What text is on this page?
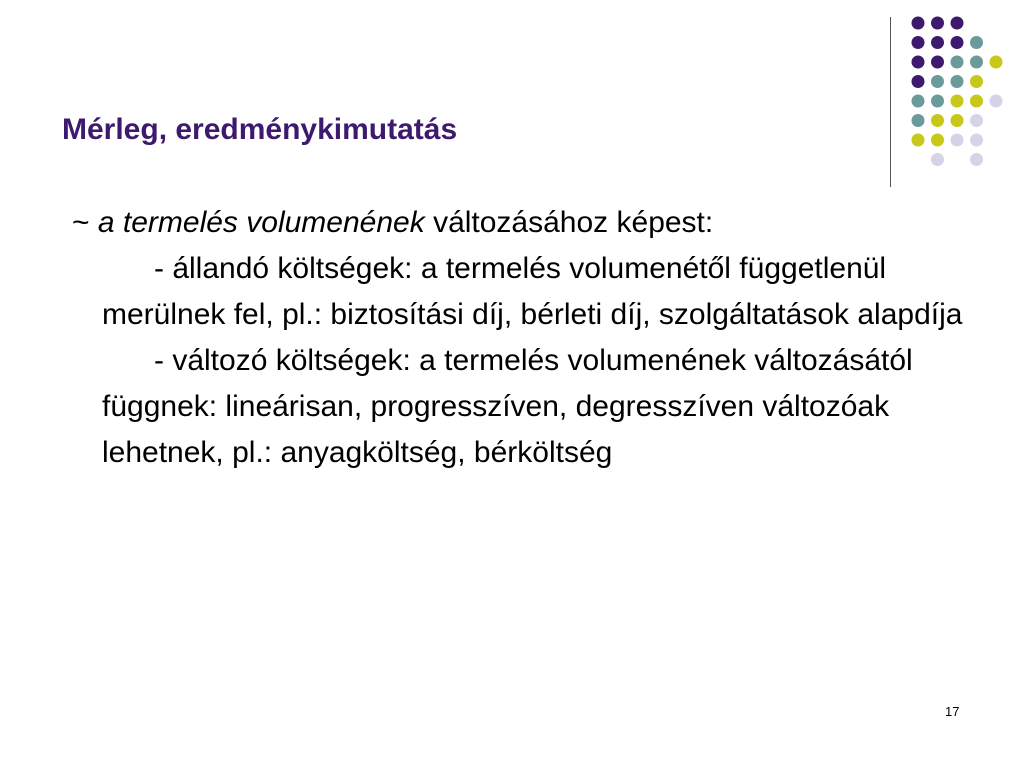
Mérleg, eredménykimutatás
~ a termelés volumenének változásához képest:
- állandó költségek: a termelés volumenétől függetlenül merülnek fel, pl.: biztosítási díj, bérleti díj, szolgáltatások alapdíja
- változó költségek: a termelés volumenének változásától függnek: lineárisan, progresszíven, degresszíven változóak lehetnek, pl.: anyagköltség, bérköltség
17
